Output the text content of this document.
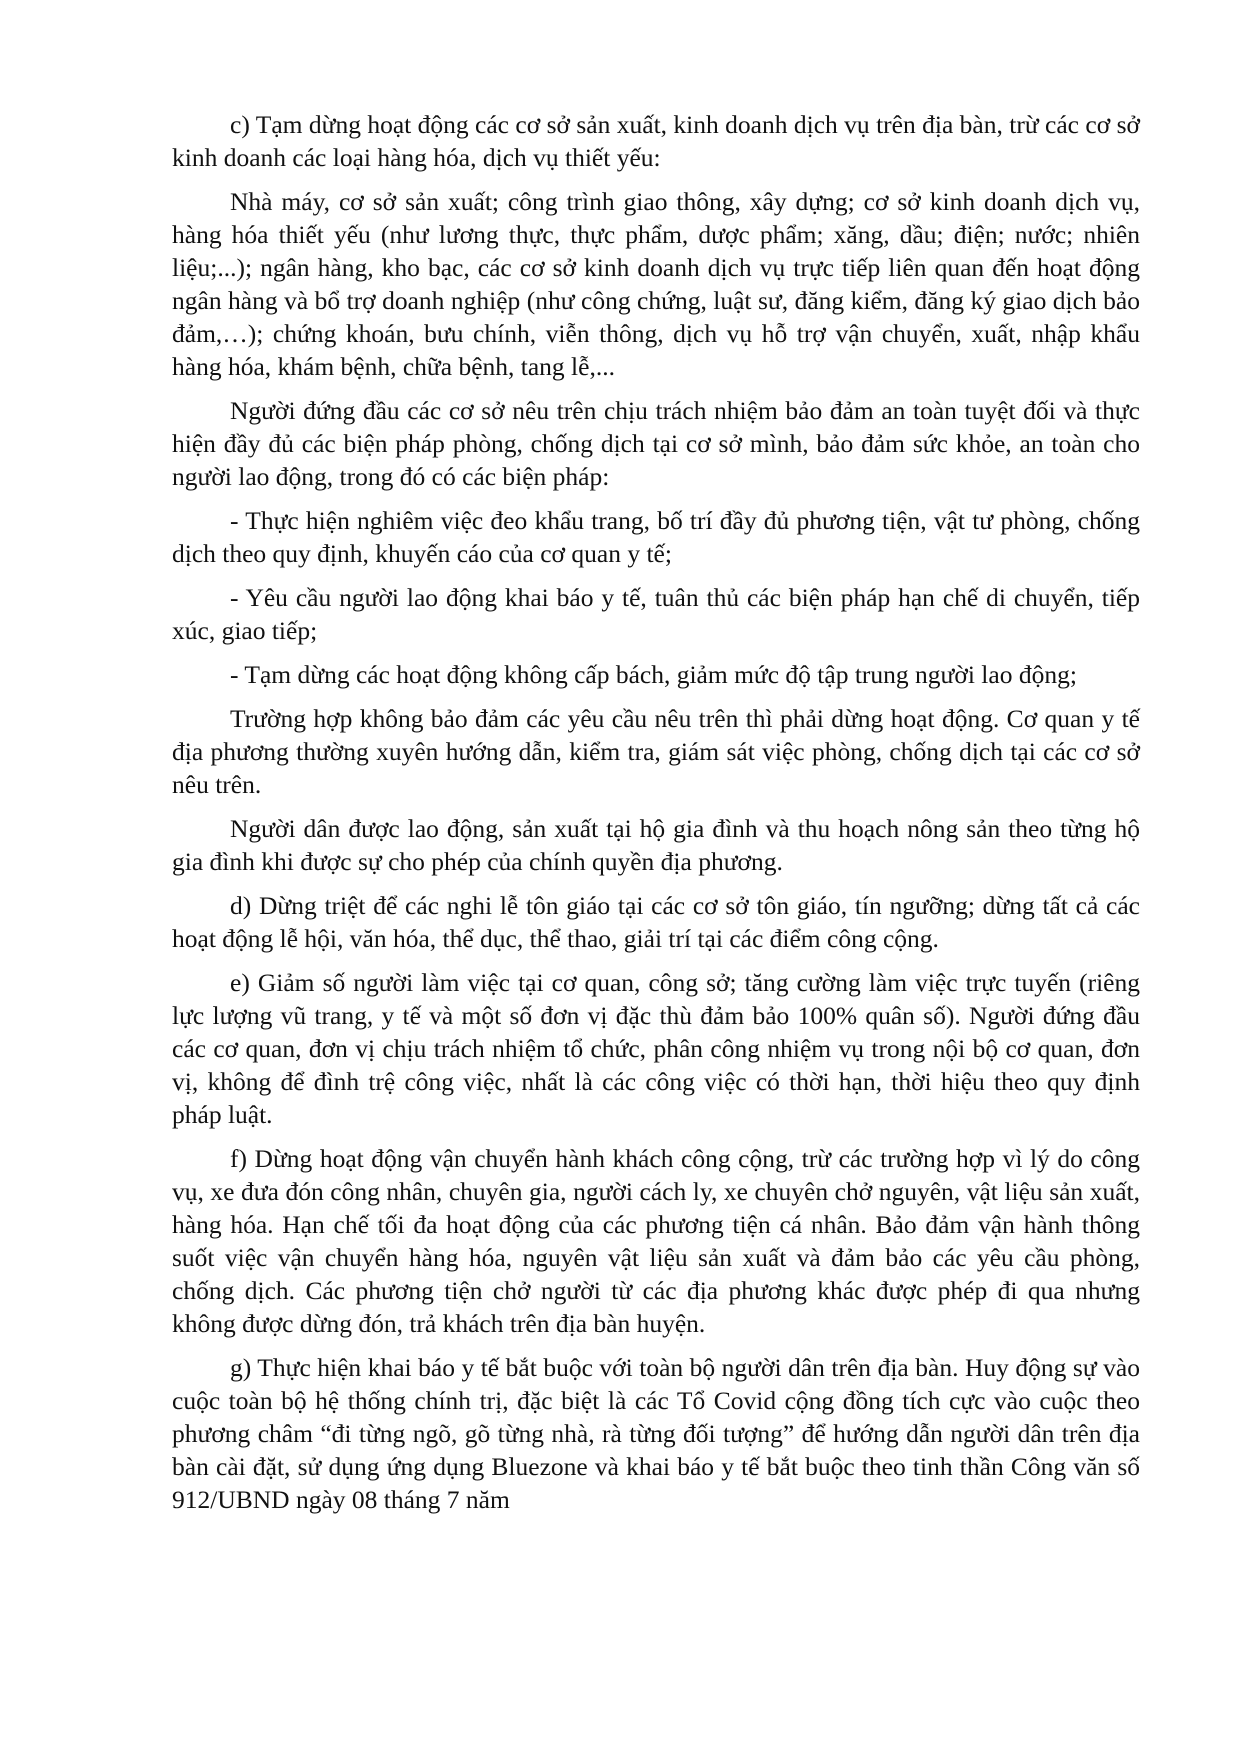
c) Tạm dừng hoạt động các cơ sở sản xuất, kinh doanh dịch vụ trên địa bàn, trừ các cơ sở kinh doanh các loại hàng hóa, dịch vụ thiết yếu:

Nhà máy, cơ sở sản xuất; công trình giao thông, xây dựng; cơ sở kinh doanh dịch vụ, hàng hóa thiết yếu (như lương thực, thực phẩm, dược phẩm; xăng, dầu; điện; nước; nhiên liệu;...); ngân hàng, kho bạc, các cơ sở kinh doanh dịch vụ trực tiếp liên quan đến hoạt động ngân hàng và bổ trợ doanh nghiệp (như công chứng, luật sư, đăng kiểm, đăng ký giao dịch bảo đảm,…); chứng khoán, bưu chính, viễn thông, dịch vụ hỗ trợ vận chuyển, xuất, nhập khẩu hàng hóa, khám bệnh, chữa bệnh, tang lễ,...

Người đứng đầu các cơ sở nêu trên chịu trách nhiệm bảo đảm an toàn tuyệt đối và thực hiện đầy đủ các biện pháp phòng, chống dịch tại cơ sở mình, bảo đảm sức khỏe, an toàn cho người lao động, trong đó có các biện pháp:

- Thực hiện nghiêm việc đeo khẩu trang, bố trí đầy đủ phương tiện, vật tư phòng, chống dịch theo quy định, khuyến cáo của cơ quan y tế;

- Yêu cầu người lao động khai báo y tế, tuân thủ các biện pháp hạn chế di chuyển, tiếp xúc, giao tiếp;

- Tạm dừng các hoạt động không cấp bách, giảm mức độ tập trung người lao động;

Trường hợp không bảo đảm các yêu cầu nêu trên thì phải dừng hoạt động. Cơ quan y tế địa phương thường xuyên hướng dẫn, kiểm tra, giám sát việc phòng, chống dịch tại các cơ sở nêu trên.

Người dân được lao động, sản xuất tại hộ gia đình và thu hoạch nông sản theo từng hộ gia đình khi được sự cho phép của chính quyền địa phương.

d) Dừng triệt để các nghi lễ tôn giáo tại các cơ sở tôn giáo, tín ngưỡng; dừng tất cả các hoạt động lễ hội, văn hóa, thể dục, thể thao, giải trí tại các điểm công cộng.

e) Giảm số người làm việc tại cơ quan, công sở; tăng cường làm việc trực tuyến (riêng lực lượng vũ trang, y tế và một số đơn vị đặc thù đảm bảo 100% quân số). Người đứng đầu các cơ quan, đơn vị chịu trách nhiệm tổ chức, phân công nhiệm vụ trong nội bộ cơ quan, đơn vị, không để đình trệ công việc, nhất là các công việc có thời hạn, thời hiệu theo quy định pháp luật.

f) Dừng hoạt động vận chuyển hành khách công cộng, trừ các trường hợp vì lý do công vụ, xe đưa đón công nhân, chuyên gia, người cách ly, xe chuyên chở nguyên, vật liệu sản xuất, hàng hóa. Hạn chế tối đa hoạt động của các phương tiện cá nhân. Bảo đảm vận hành thông suốt việc vận chuyển hàng hóa, nguyên vật liệu sản xuất và đảm bảo các yêu cầu phòng, chống dịch. Các phương tiện chở người từ các địa phương khác được phép đi qua nhưng không được dừng đón, trả khách trên địa bàn huyện.

g) Thực hiện khai báo y tế bắt buộc với toàn bộ người dân trên địa bàn. Huy động sự vào cuộc toàn bộ hệ thống chính trị, đặc biệt là các Tổ Covid cộng đồng tích cực vào cuộc theo phương châm “đi từng ngõ, gõ từng nhà, rà từng đối tượng” để hướng dẫn người dân trên địa bàn cài đặt, sử dụng ứng dụng Bluezone và khai báo y tế bắt buộc theo tinh thần Công văn số 912/UBND ngày 08 tháng 7 năm
